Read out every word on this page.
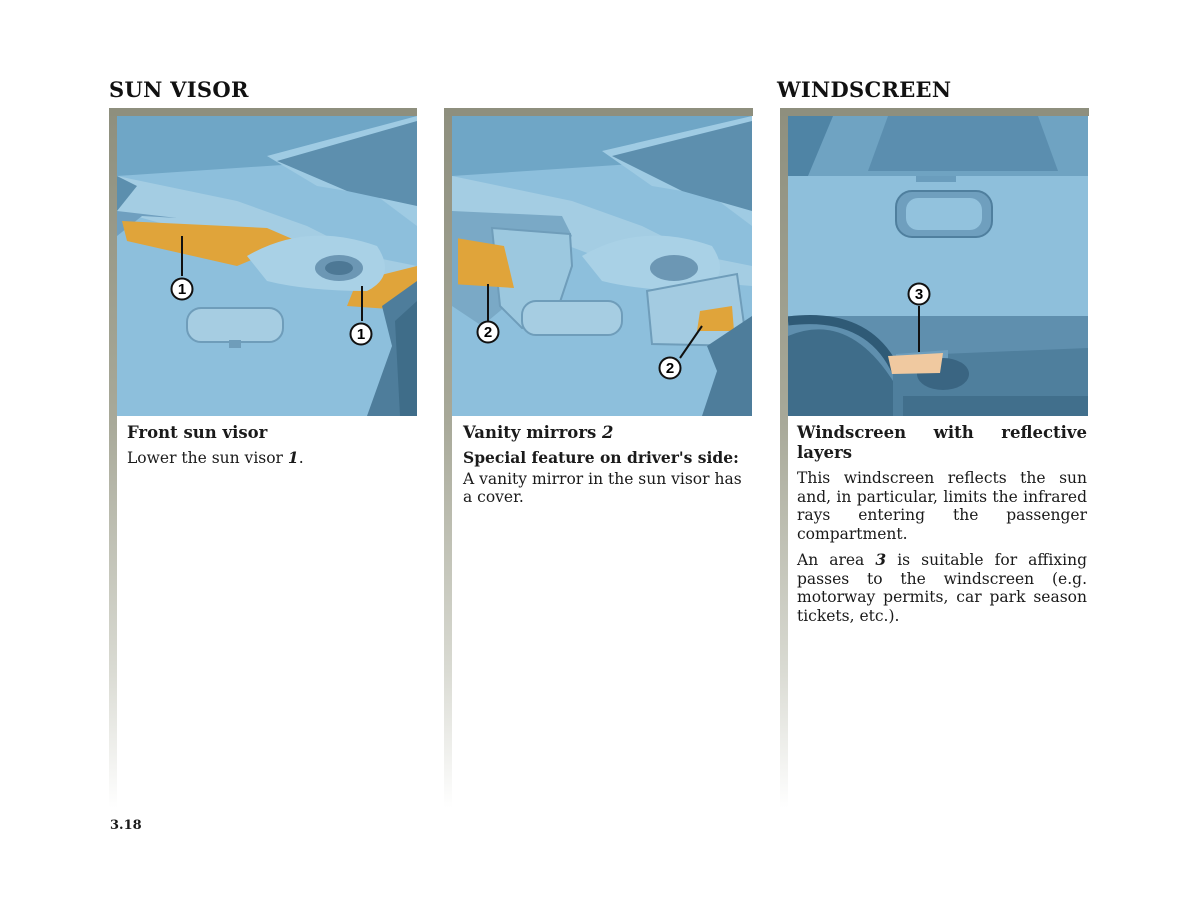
SUN VISOR	WINDSCREEN
1
1	2
2
3
Front sun visor

Lower the sun visor 1.

Vanity mirrors 2
Special feature on driver's side:

A vanity mirror in the sun visor has a cover.

Windscreen with reflective layers

This windscreen reflects the sun and, in particular, limits the infrared rays entering the passenger compartment.

An area 3 is suitable for affixing passes to the windscreen (e.g. motorway permits, car park season tickets, etc.).

3.18
